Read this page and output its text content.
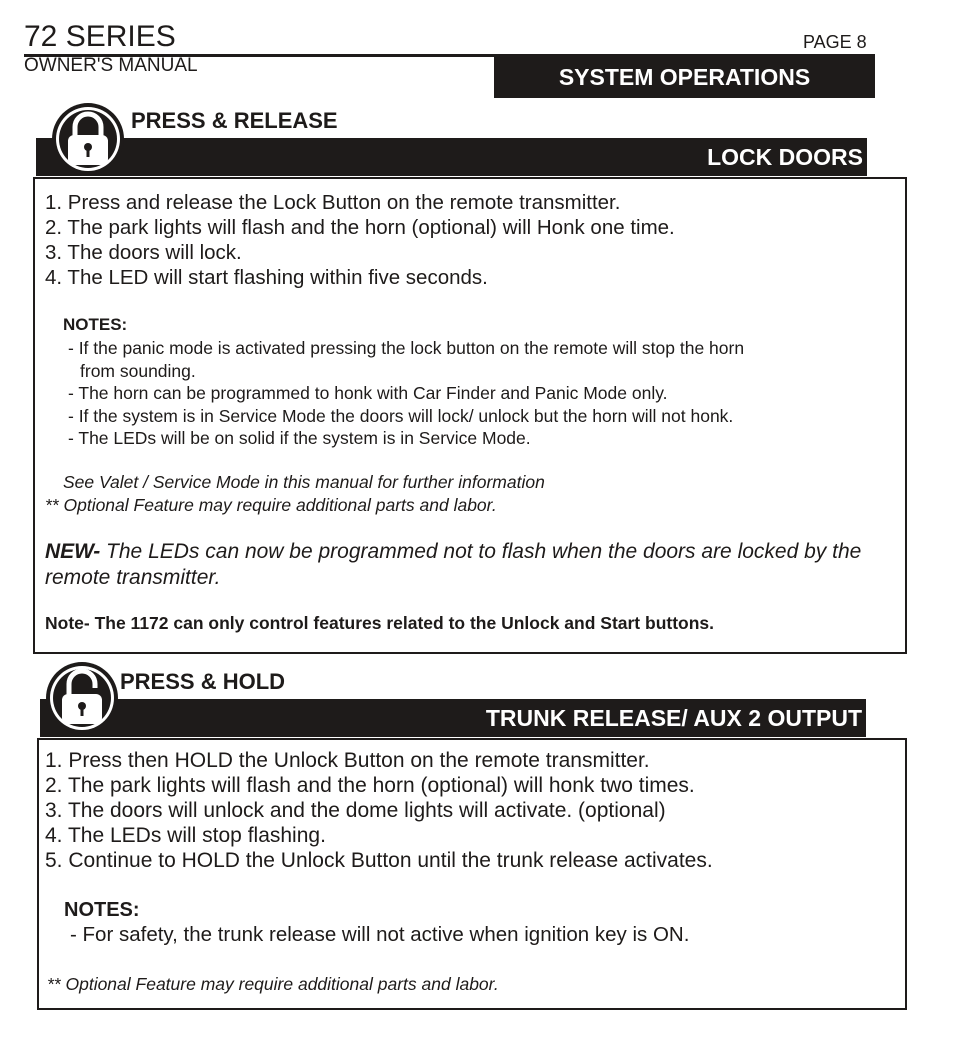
72 SERIES
OWNER'S MANUAL
PAGE 8
SYSTEM OPERATIONS
LOCK DOORS
PRESS & RELEASE
1. Press and release the Lock Button on the remote transmitter.
2. The park lights will flash and the horn (optional) will Honk one time.
3. The doors will lock.
4. The LED will start flashing within five seconds.
NOTES:
- If the panic mode is activated pressing the lock button on the remote will stop the horn
from sounding.
- The horn can be programmed to honk with Car Finder and Panic Mode only.
- If the system is in Service Mode the doors will lock/ unlock but the horn will not honk.
- The LEDs will be on solid if the system is in Service Mode.
See Valet / Service Mode in this manual for further information
** Optional Feature may require additional parts and labor.
NEW- The LEDs can now be programmed not to flash when the doors are locked by the remote transmitter.
Note- The 1172 can only control features related to the Unlock and Start buttons.
TRUNK RELEASE/ AUX 2 OUTPUT
PRESS & HOLD
1. Press then HOLD the Unlock Button on the remote transmitter.
2. The park lights will flash and the horn (optional) will honk two times.
3. The doors will unlock and the dome lights will activate. (optional)
4. The LEDs will stop flashing.
5. Continue to HOLD the Unlock Button until the trunk release activates.
NOTES:
- For safety, the trunk release will not active when ignition key is ON.
** Optional Feature may require additional parts and labor.
